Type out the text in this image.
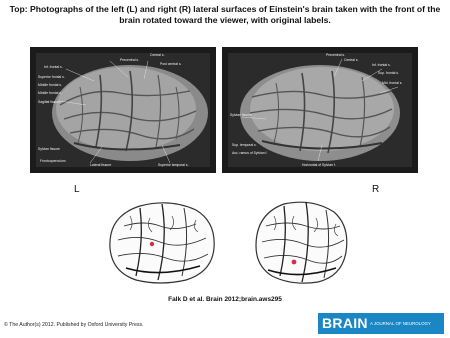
Top: Photographs of the left (L) and right (R) lateral surfaces of Einstein's brain taken with the front of the brain rotated toward the viewer, with original labels.
Central s.
Precentral s.
Post central s.
Inf. frontal s.
Superior frontal s.
Middle frontal s.
Middle frontal s.
Sagittal fissure
Sylvian fissure
Frontooperculum
Lateral fissure	Superior temporal s.
Precentral s.
Central s.
Inf. frontal s.
Sup. frontal s.
Mid. frontal s.
Sylvian fissure
Sup. temporal s.
Asc. ramus of Sylvian f.
Horizontal of Sylvian f.
L	R
Falk D et al. Brain 2012;brain.aws295
© The Author(s) 2012. Published by Oxford University Press.	BRAIN A JOURNAL OF NEUROLOGY
